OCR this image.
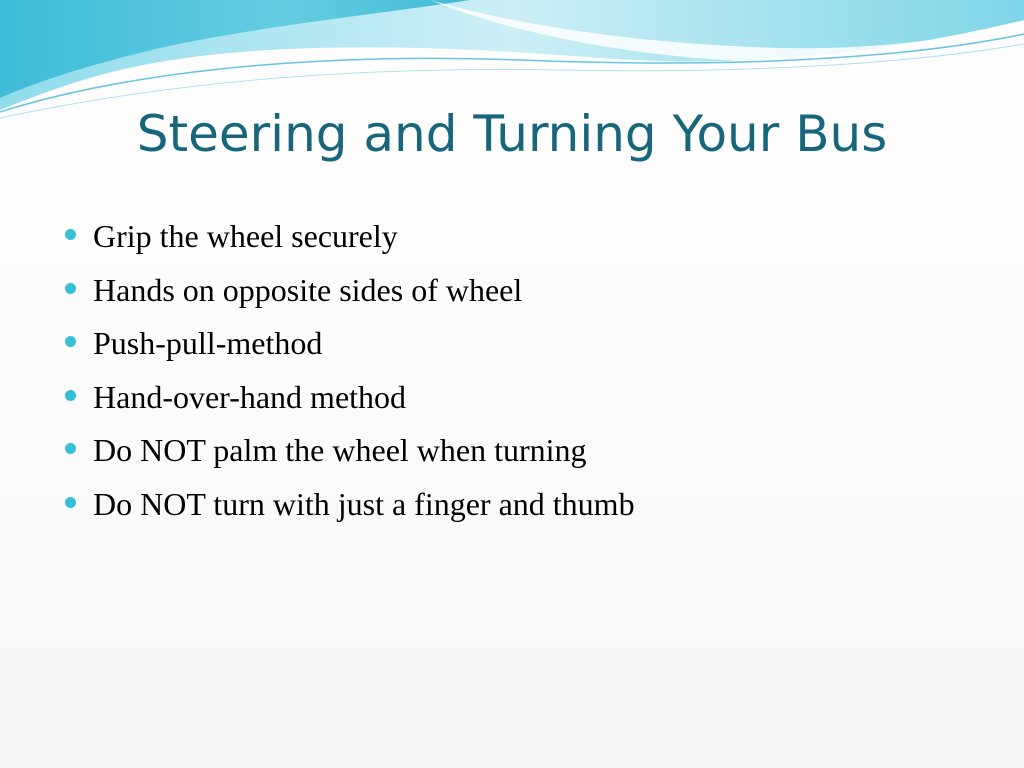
Steering and Turning Your Bus
Grip the wheel securely
Hands on opposite sides of wheel
Push-pull-method
Hand-over-hand method
Do NOT palm the wheel when turning
Do NOT turn with just a finger and thumb
